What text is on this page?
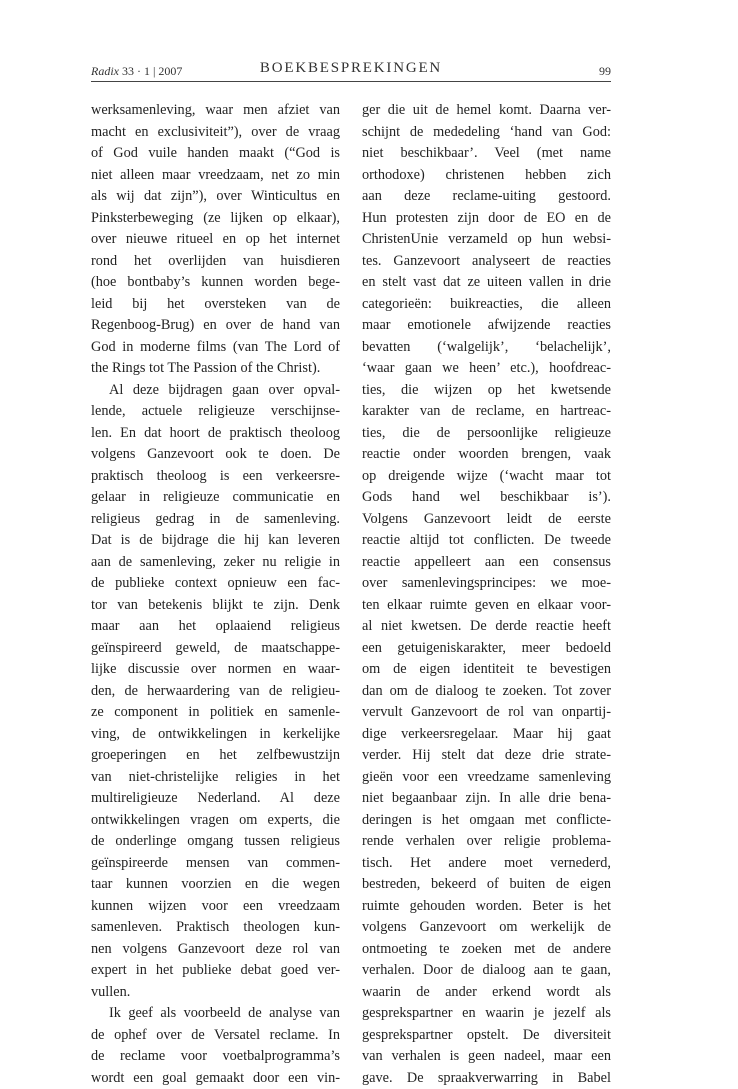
Radix 33 · 1 | 2007	BOEKBESPREKINGEN	99
werksamenleving, waar men afziet van
macht en exclusiviteit”), over de vraag
of God vuile handen maakt (“God is
niet alleen maar vreedzaam, net zo min
als wij dat zijn”), over Winticultus en
Pinksterbeweging (ze lijken op elkaar),
over nieuwe ritueel en op het internet
rond het overlijden van huisdieren
(hoe bontbaby’s kunnen worden bege-
leid bij het oversteken van de
Regenboog-Brug) en over de hand van
God in moderne films (van The Lord of
the Rings tot The Passion of the Christ).
Al deze bijdragen gaan over opval-
lende, actuele religieuze verschijnse-
len. En dat hoort de praktisch theoloog
volgens Ganzevoort ook te doen. De
praktisch theoloog is een verkeersre-
gelaar in religieuze communicatie en
religieus gedrag in de samenleving.
Dat is de bijdrage die hij kan leveren
aan de samenleving, zeker nu religie in
de publieke context opnieuw een fac-
tor van betekenis blijkt te zijn. Denk
maar aan het oplaaiend religieus
geïnspireerd geweld, de maatschappe-
lijke discussie over normen en waar-
den, de herwaardering van de religieu-
ze component in politiek en samenle-
ving, de ontwikkelingen in kerkelijke
groeperingen en het zelfbewustzijn
van niet-christelijke religies in het
multireligieuze Nederland. Al deze
ontwikkelingen vragen om experts, die
de onderlinge omgang tussen religieus
geïnspireerde mensen van commen-
taar kunnen voorzien en die wegen
kunnen wijzen voor een vreedzaam
samenleven. Praktisch theologen kun-
nen volgens Ganzevoort deze rol van
expert in het publieke debat goed ver-
vullen.
Ik geef als voorbeeld de analyse van
de ophef over de Versatel reclame. In
de reclame voor voetbalprogramma’s
wordt een goal gemaakt door een vin-
ger die uit de hemel komt. Daarna ver-
schijnt de mededeling ‘hand van God:
niet beschikbaar’. Veel (met name
orthodoxe) christenen hebben zich
aan deze reclame-uiting gestoord.
Hun protesten zijn door de EO en de
ChristenUnie verzameld op hun websi-
tes. Ganzevoort analyseert de reacties
en stelt vast dat ze uiteen vallen in drie
categorieën: buikreacties, die alleen
maar emotionele afwijzende reacties
bevatten (‘walgelijk’, ‘belachelijk’,
‘waar gaan we heen’ etc.), hoofdreac-
ties, die wijzen op het kwetsende
karakter van de reclame, en hartreac-
ties, die de persoonlijke religieuze
reactie onder woorden brengen, vaak
op dreigende wijze (‘wacht maar tot
Gods hand wel beschikbaar is’).
Volgens Ganzevoort leidt de eerste
reactie altijd tot conflicten. De tweede
reactie appelleert aan een consensus
over samenlevingsprincipes: we moe-
ten elkaar ruimte geven en elkaar voor-
al niet kwetsen. De derde reactie heeft
een getuigeniskarakter, meer bedoeld
om de eigen identiteit te bevestigen
dan om de dialoog te zoeken. Tot zover
vervult Ganzevoort de rol van onpartij-
dige verkeersregelaar. Maar hij gaat
verder. Hij stelt dat deze drie strate-
gieën voor een vreedzame samenleving
niet begaanbaar zijn. In alle drie bena-
deringen is het omgaan met conflicte-
rende verhalen over religie problema-
tisch. Het andere moet vernederd,
bestreden, bekeerd of buiten de eigen
ruimte gehouden worden. Beter is het
volgens Ganzevoort om werkelijk de
ontmoeting te zoeken met de andere
verhalen. Door de dialoog aan te gaan,
waarin de ander erkend wordt als
gesprekspartner en waarin je jezelf als
gesprekspartner opstelt. De diversiteit
van verhalen is geen nadeel, maar een
gave. De spraakverwarring in Babel
